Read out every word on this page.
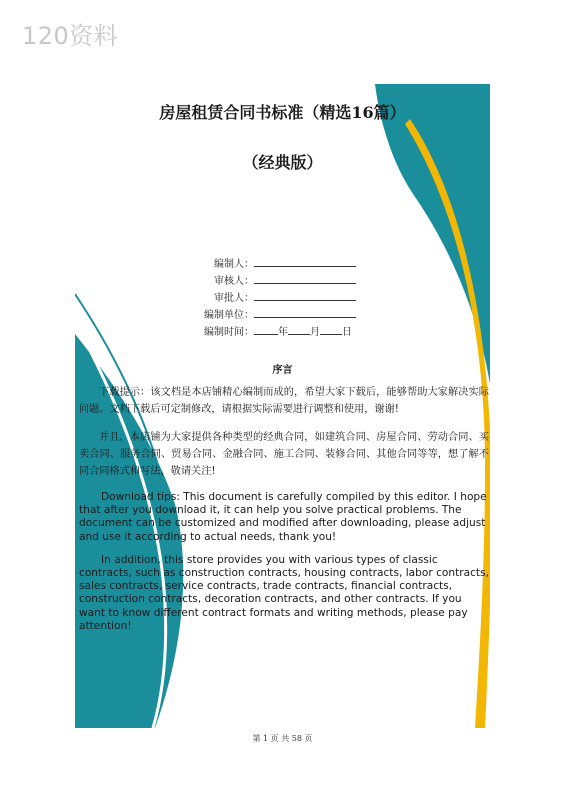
120资料
房屋租赁合同书标准（精选16篇）
（经典版）
编制人：
审核人：
审批人：
编制单位：
编制时间： 年 月 日
序言

下载提示：该文档是本店铺精心编制而成的，希望大家下载后，能够帮助大家解决实际问题。文档下载后可定制修改，请根据实际需要进行调整和使用，谢谢!

并且，本店铺为大家提供各种类型的经典合同，如建筑合同、房屋合同、劳动合同、买卖合同、服务合同、贸易合同、金融合同、施工合同、装修合同、其他合同等等，想了解不同合同格式和写法，敬请关注!

Download tips: This document is carefully compiled by this editor. I hope that after you download it, it can help you solve practical problems. The document can be customized and modified after downloading, please adjust and use it according to actual needs, thank you!

In addition, this store provides you with various types of classic contracts, such as construction contracts, housing contracts, labor contracts, sales contracts, service contracts, trade contracts, financial contracts, construction contracts, decoration contracts, and other contracts. If you want to know different contract formats and writing methods, please pay attention!

第 1 页 共 58 页
